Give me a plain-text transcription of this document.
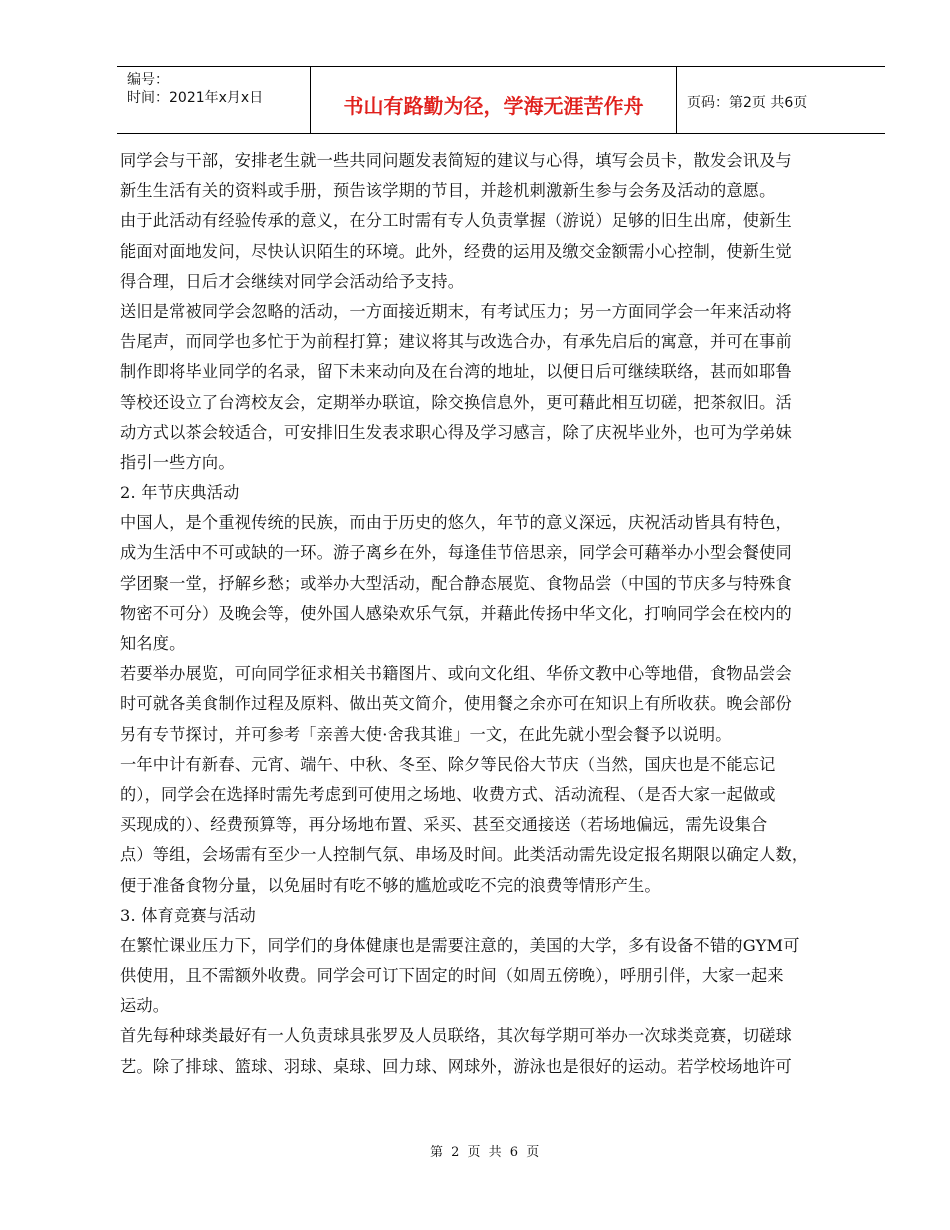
编号：
时间：2021年x月x日	书山有路勤为径，学海无涯苦作舟	页码：第2页 共6页
同学会与干部，安排老生就一些共同问题发表简短的建议与心得，填写会员卡，散发会讯及与
新生生活有关的资料或手册，预告该学期的节目，并趁机刺激新生参与会务及活动的意愿。
由于此活动有经验传承的意义，在分工时需有专人负责掌握（游说）足够的旧生出席，使新生
能面对面地发问，尽快认识陌生的环境。此外，经费的运用及缴交金额需小心控制，使新生觉
得合理，日后才会继续对同学会活动给予支持。
送旧是常被同学会忽略的活动，一方面接近期末，有考试压力；另一方面同学会一年来活动将
告尾声，而同学也多忙于为前程打算；建议将其与改选合办，有承先启后的寓意，并可在事前
制作即将毕业同学的名录，留下未来动向及在台湾的地址，以便日后可继续联络，甚而如耶鲁
等校还设立了台湾校友会，定期举办联谊，除交换信息外，更可藉此相互切磋，把茶叙旧。活
动方式以茶会较适合，可安排旧生发表求职心得及学习感言，除了庆祝毕业外，也可为学弟妹
指引一些方向。
2. 年节庆典活动
中国人，是个重视传统的民族，而由于历史的悠久，年节的意义深远，庆祝活动皆具有特色，
成为生活中不可或缺的一环。游子离乡在外，每逢佳节倍思亲，同学会可藉举办小型会餐使同
学团聚一堂，抒解乡愁；或举办大型活动，配合静态展览、食物品尝（中国的节庆多与特殊食
物密不可分）及晚会等，使外国人感染欢乐气氛，并藉此传扬中华文化，打响同学会在校内的
知名度。
若要举办展览，可向同学征求相关书籍图片、或向文化组、华侨文教中心等地借，食物品尝会
时可就各美食制作过程及原料、做出英文简介，使用餐之余亦可在知识上有所收获。晚会部份
另有专节探讨，并可参考「亲善大使·舍我其谁」一文，在此先就小型会餐予以说明。
一年中计有新春、元宵、端午、中秋、冬至、除夕等民俗大节庆（当然，国庆也是不能忘记
的），同学会在选择时需先考虑到可使用之场地、收费方式、活动流程、（是否大家一起做或
买现成的）、经费预算等，再分场地布置、采买、甚至交通接送（若场地偏远，需先设集合
点）等组，会场需有至少一人控制气氛、串场及时间。此类活动需先设定报名期限以确定人数，
便于准备食物分量，以免届时有吃不够的尴尬或吃不完的浪费等情形产生。
3. 体育竞赛与活动
在繁忙课业压力下，同学们的身体健康也是需要注意的，美国的大学，多有设备不错的GYM可
供使用，且不需额外收费。同学会可订下固定的时间（如周五傍晚），呼朋引伴，大家一起来
运动。
首先每种球类最好有一人负责球具张罗及人员联络，其次每学期可举办一次球类竞赛，切磋球
艺。除了排球、篮球、羽球、桌球、回力球、网球外，游泳也是很好的运动。若学校场地许可
第 2 页 共 6 页
